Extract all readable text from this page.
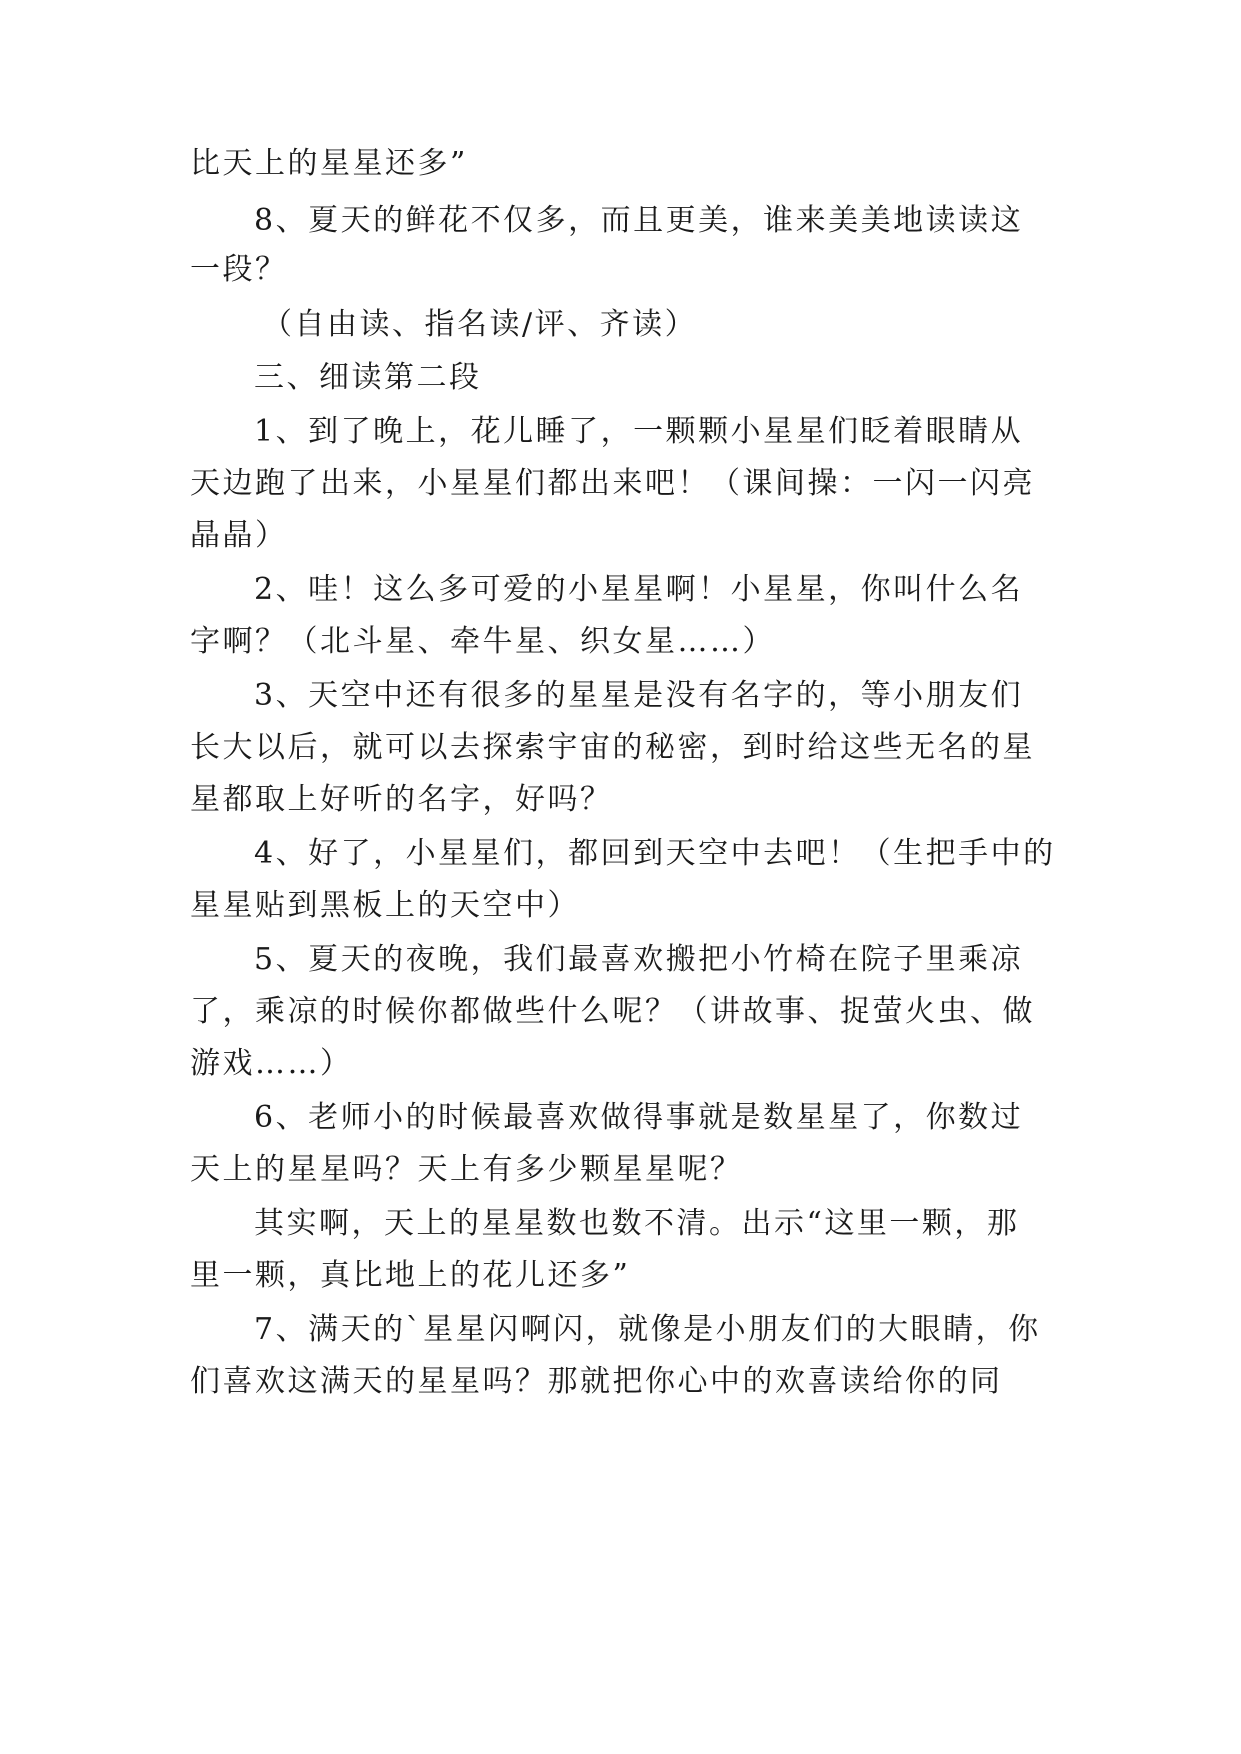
比天上的星星还多”
8、夏天的鲜花不仅多，而且更美，谁来美美地读读这
一段？
（自由读、指名读/评、齐读）
三、细读第二段
1、到了晚上，花儿睡了，一颗颗小星星们眨着眼睛从
天边跑了出来，小星星们都出来吧！（课间操：一闪一闪亮
晶晶）
2、哇！这么多可爱的小星星啊！小星星，你叫什么名
字啊？（北斗星、牵牛星、织女星……）
3、天空中还有很多的星星是没有名字的，等小朋友们
长大以后，就可以去探索宇宙的秘密，到时给这些无名的星
星都取上好听的名字，好吗？
4、好了，小星星们，都回到天空中去吧！（生把手中的
星星贴到黑板上的天空中）
5、夏天的夜晚，我们最喜欢搬把小竹椅在院子里乘凉
了，乘凉的时候你都做些什么呢？（讲故事、捉萤火虫、做
游戏……）
6、老师小的时候最喜欢做得事就是数星星了，你数过
天上的星星吗？天上有多少颗星星呢？
其实啊，天上的星星数也数不清。出示“这里一颗，那
里一颗，真比地上的花儿还多”
7、满天的`星星闪啊闪，就像是小朋友们的大眼睛，你
们喜欢这满天的星星吗？那就把你心中的欢喜读给你的同
